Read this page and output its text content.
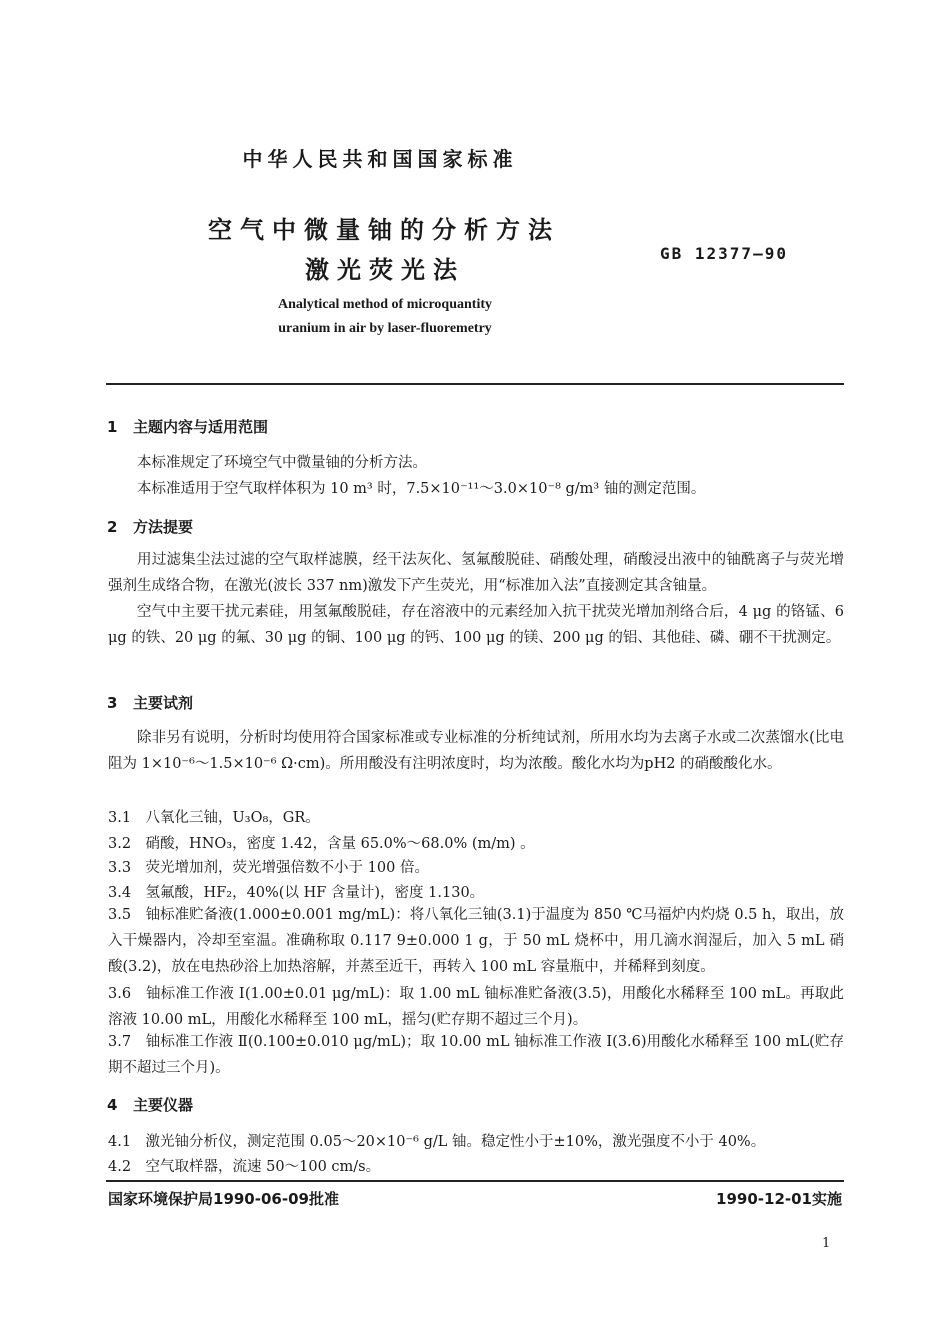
中华人民共和国国家标准
空气中微量铀的分析方法
激光荧光法
GB 12377—90
Analytical method of microquantity
uranium in air by laser-fluoremetry
1 主题内容与适用范围
本标准规定了环境空气中微量铀的分析方法。
本标准适用于空气取样体积为 10 m³ 时，7.5×10⁻¹¹～3.0×10⁻⁸ g/m³ 铀的测定范围。
2 方法提要
用过滤集尘法过滤的空气取样滤膜，经干法灰化、氢氟酸脱硅、硝酸处理，硝酸浸出液中的铀酰离子与荧光增强剂生成络合物，在激光(波长 337 nm)激发下产生荧光，用“标准加入法”直接测定其含铀量。
空气中主要干扰元素硅，用氢氟酸脱硅，存在溶液中的元素经加入抗干扰荧光增加剂络合后，4 μg 的铬锰、6 μg 的铁、20 μg 的氟、30 μg 的铜、100 μg 的钙、100 μg 的镁、200 μg 的铝、其他硅、磷、硼不干扰测定。
3 主要试剂
除非另有说明，分析时均使用符合国家标准或专业标准的分析纯试剂，所用水均为去离子水或二次蒸馏水(比电阻为 1×10⁻⁶～1.5×10⁻⁶ Ω·cm)。所用酸没有注明浓度时，均为浓酸。酸化水均为pH2 的硝酸酸化水。
3.1　八氧化三铀，U₃O₈，GR。
3.2　硝酸，HNO₃，密度 1.42，含量 65.0%～68.0% (m/m) 。
3.3　荧光增加剂，荧光增强倍数不小于 100 倍。
3.4　氢氟酸，HF₂，40%(以 HF 含量计)，密度 1.130。
3.5　铀标准贮备液(1.000±0.001 mg/mL)：将八氧化三铀(3.1)于温度为 850 ℃马福炉内灼烧 0.5 h，取出，放入干燥器内，冷却至室温。准确称取 0.117 9±0.000 1 g，于 50 mL 烧杯中，用几滴水润湿后，加入 5 mL 硝酸(3.2)，放在电热砂浴上加热溶解，并蒸至近干，再转入 100 mL 容量瓶中，并稀释到刻度。
3.6　铀标准工作液 Ⅰ(1.00±0.01 μg/mL)：取 1.00 mL 铀标准贮备液(3.5)，用酸化水稀释至 100 mL。再取此溶液 10.00 mL，用酸化水稀释至 100 mL，摇匀(贮存期不超过三个月)。
3.7　铀标准工作液 Ⅱ(0.100±0.010 μg/mL)；取 10.00 mL 铀标准工作液 Ⅰ(3.6)用酸化水稀释至 100 mL(贮存期不超过三个月)。
4 主要仪器
4.1　激光铀分析仪，测定范围 0.05～20×10⁻⁶ g/L 铀。稳定性小于±10%，激光强度不小于 40%。
4.2　空气取样器，流速 50～100 cm/s。
国家环境保护局1990-06-09批准	1990-12-01实施
1
